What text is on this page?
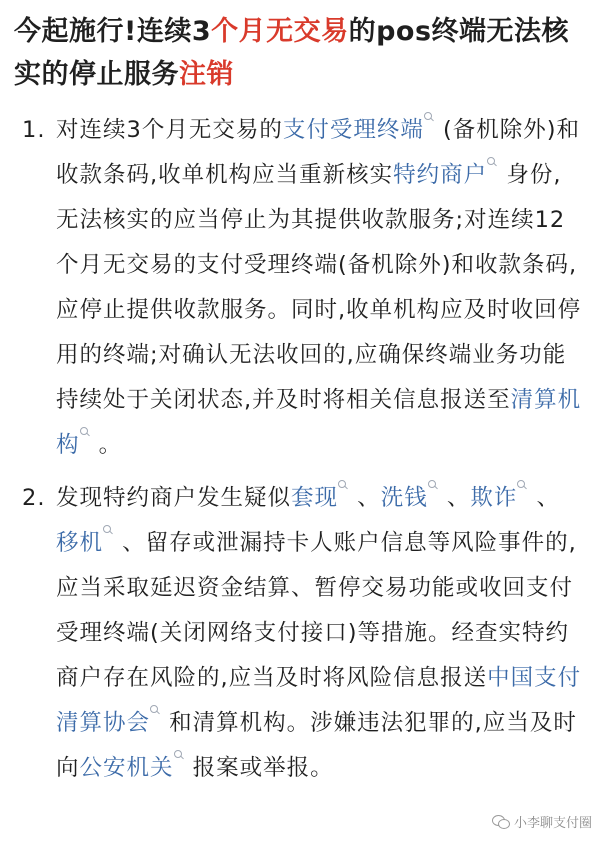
今起施行!连续3个月无交易的pos终端无法核实的停止服务注销
1. 对连续3个月无交易的支付受理终端 (备机除外)和收款条码,收单机构应当重新核实特约商户 身份,无法核实的应当停止为其提供收款服务;对连续12个月无交易的支付受理终端(备机除外)和收款条码,应停止提供收款服务。同时,收单机构应及时收回停用的终端;对确认无法收回的,应确保终端业务功能持续处于关闭状态,并及时将相关信息报送至清算机构 。
2. 发现特约商户发生疑似套现 、洗钱 、欺诈 、移机 、留存或泄漏持卡人账户信息等风险事件的,应当采取延迟资金结算、暂停交易功能或收回支付受理终端(关闭网络支付接口)等措施。经查实特约商户存在风险的,应当及时将风险信息报送中国支付清算协会 和清算机构。涉嫌违法犯罪的,应当及时向公安机关 报案或举报。
小李聊支付圈
